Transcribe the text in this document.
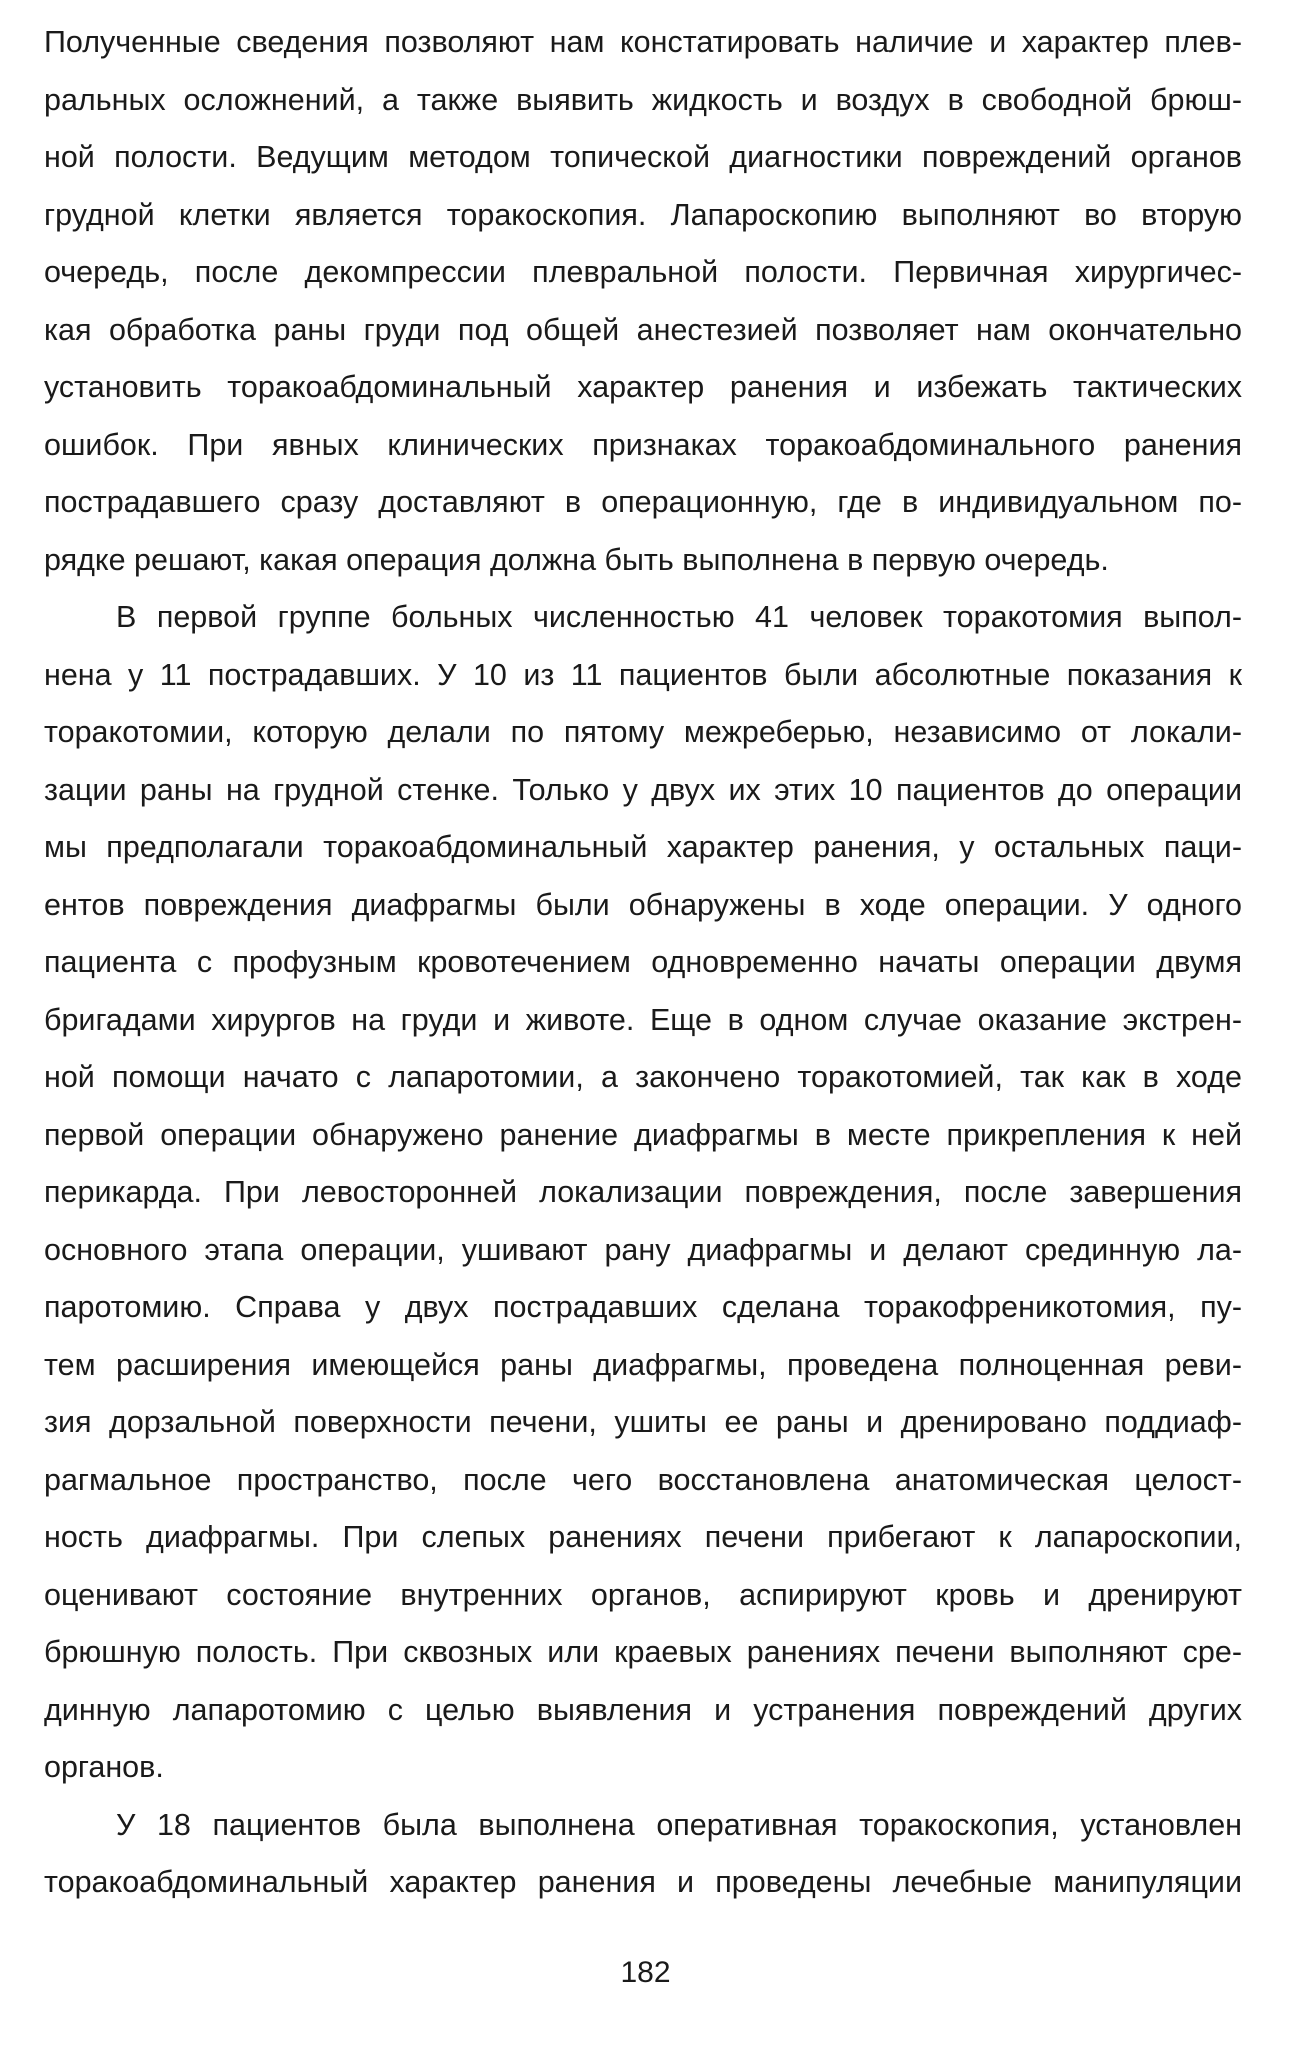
Полученные сведения позволяют нам констатировать наличие и характер плев-
ральных осложнений, а также выявить жидкость и воздух в свободной брюш-
ной полости. Ведущим методом топической диагностики повреждений органов
грудной клетки является торакоскопия. Лапароскопию выполняют во вторую
очередь, после декомпрессии плевральной полости. Первичная хирургичес-
кая обработка раны груди под общей анестезией позволяет нам окончательно
установить торакоабдоминальный характер ранения и избежать тактических
ошибок. При явных клинических признаках торакоабдоминального ранения
пострадавшего сразу доставляют в операционную, где в индивидуальном по-
рядке решают, какая операция должна быть выполнена в первую очередь.
В первой группе больных численностью 41 человек торакотомия выпол-
нена у 11 пострадавших. У 10 из 11 пациентов были абсолютные показания к
торакотомии, которую делали по пятому межреберью, независимо от локали-
зации раны на грудной стенке. Только у двух их этих 10 пациентов до операции
мы предполагали торакоабдоминальный характер ранения, у остальных паци-
ентов повреждения диафрагмы были обнаружены в ходе операции. У одного
пациента с профузным кровотечением одновременно начаты операции двумя
бригадами хирургов на груди и животе. Еще в одном случае оказание экстрен-
ной помощи начато с лапаротомии, а закончено торакотомией, так как в ходе
первой операции обнаружено ранение диафрагмы в месте прикрепления к ней
перикарда. При левосторонней локализации повреждения, после завершения
основного этапа операции, ушивают рану диафрагмы и делают срединную ла-
паротомию. Справа у двух пострадавших сделана торакофреникотомия, пу-
тем расширения имеющейся раны диафрагмы, проведена полноценная реви-
зия дорзальной поверхности печени, ушиты ее раны и дренировано поддиаф-
рагмальное пространство, после чего восстановлена анатомическая целост-
ность диафрагмы. При слепых ранениях печени прибегают к лапароскопии,
оценивают состояние внутренних органов, аспирируют кровь и дренируют
брюшную полость. При сквозных или краевых ранениях печени выполняют сре-
динную лапаротомию с целью выявления и устранения повреждений других
органов.
У 18 пациентов была выполнена оперативная торакоскопия, установлен
торакоабдоминальный характер ранения и проведены лечебные манипуляции
182
